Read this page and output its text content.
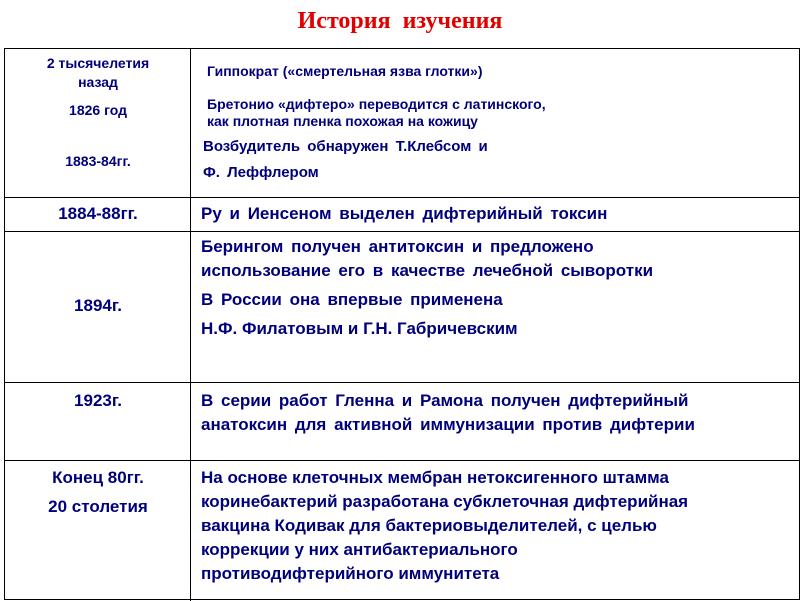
История изучения
2 тысячелетия
назад
1826 год
1883-84гг.
Гиппократ («смертельная язва глотки»)
Бретонио «дифтеро» переводится с латинского,
как плотная пленка похожая на кожицу
Возбудитель обнаружен Т.Клебсом и
Ф. Леффлером
1884-88гг.	Ру и Иенсеном выделен дифтерийный токсин
1894г.
Берингом получен антитоксин и предложено
использование его в качестве лечебной сыворотки
В России она впервые применена
Н.Ф. Филатовым и Г.Н. Габричевским
1923г.	В серии работ Гленна и Рамона получен дифтерийный
анатоксин для активной иммунизации против дифтерии
Конец 80гг.
20 столетия
На основе клеточных мембран нетоксигенного штамма
коринебактерий разработана субклеточная дифтерийная
вакцина Кодивак для бактериовыделителей, с целью
коррекции у них антибактериального
противодифтерийного иммунитета
